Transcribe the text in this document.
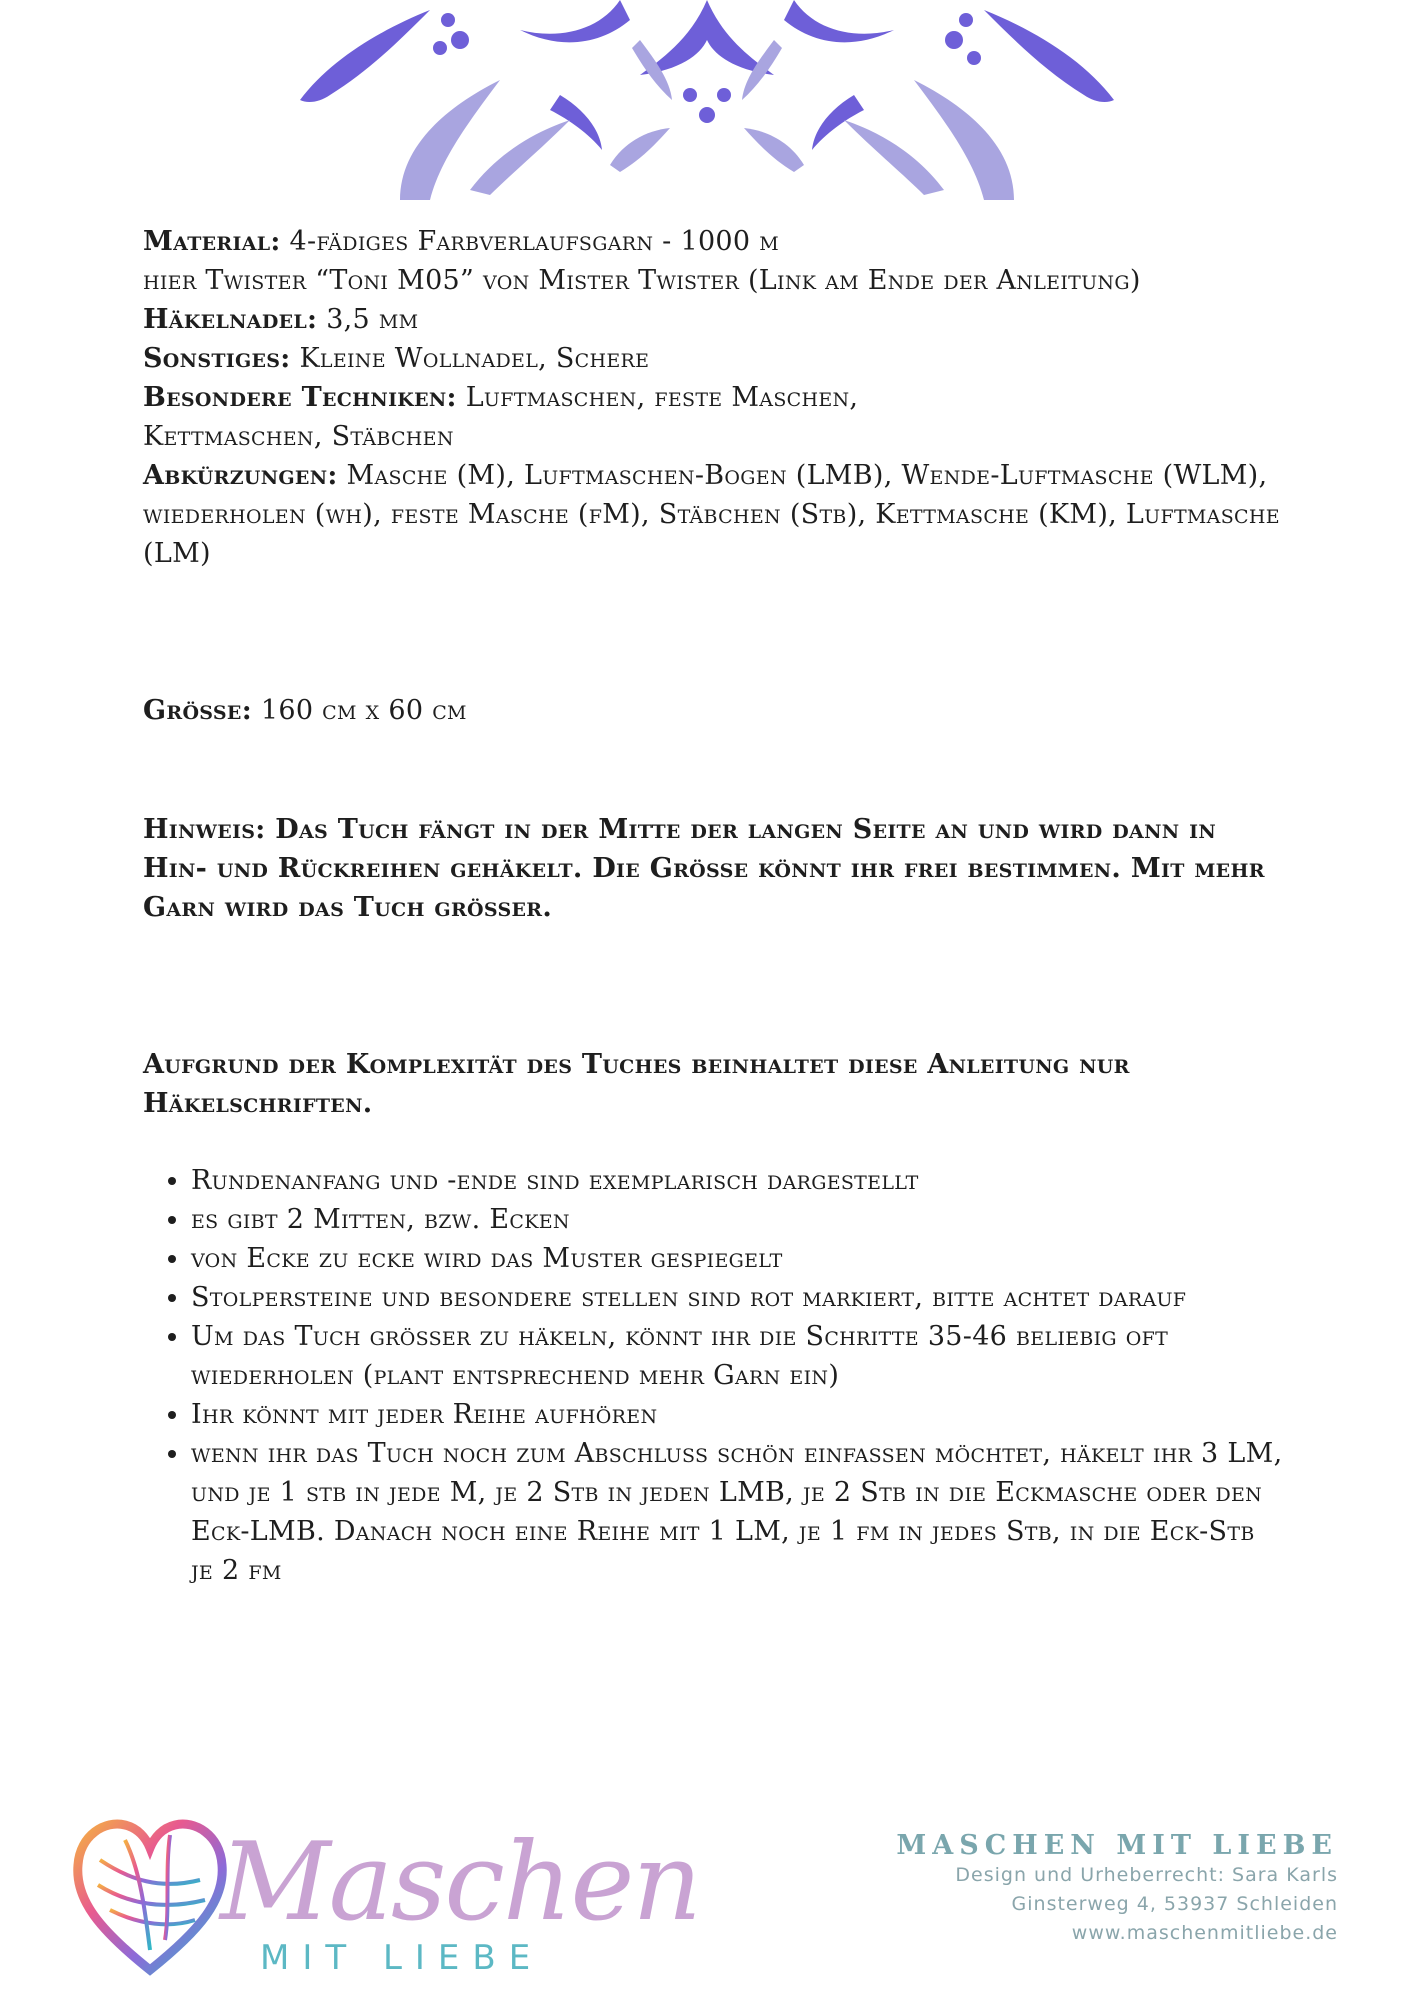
Material: 4-fädiges Farbverlaufsgarn - 1000 m

hier Twister “Toni M05” von Mister Twister (Link am Ende der Anleitung)

Häkelnadel: 3,5 mm

Sonstiges: Kleine Wollnadel, Schere

Besondere Techniken: Luftmaschen, feste Maschen,

Kettmaschen, Stäbchen

Abkürzungen: Masche (M), Luftmaschen-Bogen (LMB), Wende-Luftmasche (WLM), wiederholen (wh), feste Masche (fM), Stäbchen (Stb), Kettmasche (KM), Luftmasche (LM)

Grösse: 160 cm x 60 cm

Hinweis: Das Tuch fängt in der Mitte der langen Seite an und wird dann in Hin- und Rückreihen gehäkelt. Die Grösse könnt ihr frei bestimmen. Mit mehr Garn wird das Tuch grösser.

Aufgrund der Komplexität des Tuches beinhaltet diese Anleitung nur Häkelschriften.

• Rundenanfang und -ende sind exemplarisch dargestellt
• es gibt 2 Mitten, bzw. Ecken
• von Ecke zu ecke wird das Muster gespiegelt
• Stolpersteine und besondere stellen sind rot markiert, bitte achtet darauf
• Um das Tuch grösser zu häkeln, könnt ihr die Schritte 35-46 beliebig oft wiederholen (plant entsprechend mehr Garn ein)
• Ihr könnt mit jeder Reihe aufhören
• wenn ihr das Tuch noch zum Abschluss schön einfassen möchtet, häkelt ihr 3 LM, und je 1 stb in jede M, je 2 Stb in jeden LMB, je 2 Stb in die Eckmasche oder den Eck-LMB. Danach noch eine Reihe mit 1 LM, je 1 fm in jedes Stb, in die Eck-Stb je 2 fm
Maschen
MIT LIEBE
MASCHEN MIT LIEBE
Design und Urheberrecht: Sara Karls
Ginsterweg 4, 53937 Schleiden
www.maschenmitliebe.de
